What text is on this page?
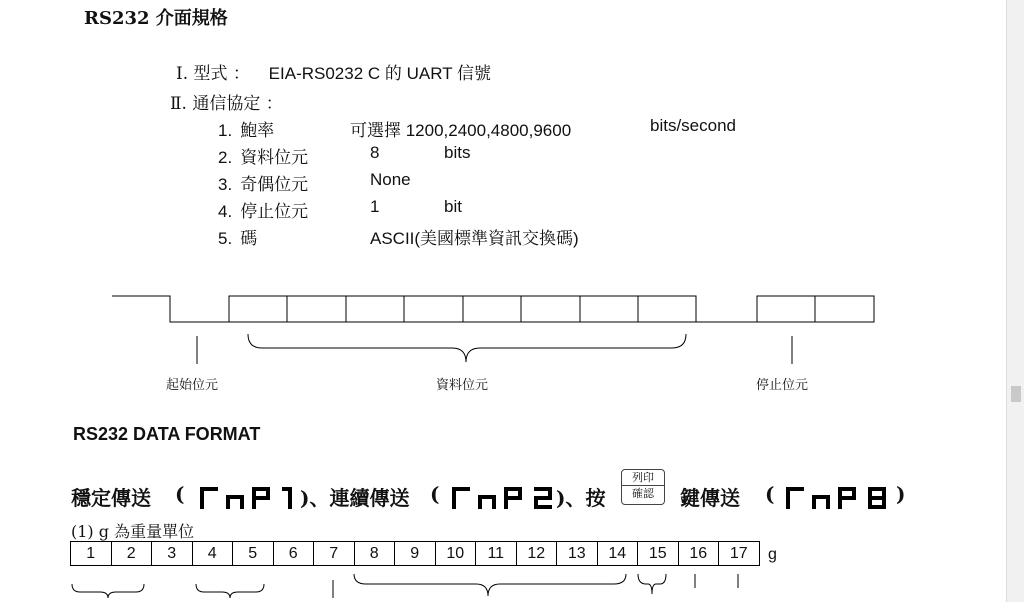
RS232 介面規格
Ⅰ. 型式 ： EIA-RS0232 C 的 UART 信號
Ⅱ. 通信協定 ：
1. 鮑率	可選擇 1200,2400,4800,9600	bits/second
2. 資料位元	8	bits
3. 奇偶位元	None
4. 停止位元	1	bit
5. 碼	ASCII(美國標準資訊交換碼)
起始位元	資料位元	停止位元
RS232 DATA FORMAT
穩定傳送 (	)、連續傳送 (	)、按
列印
確認	鍵傳送 (	)
(1) g 為重量單位
1	2	3	4	5	6	7	8	9	10	11	12	13	14	15	16	17 g
